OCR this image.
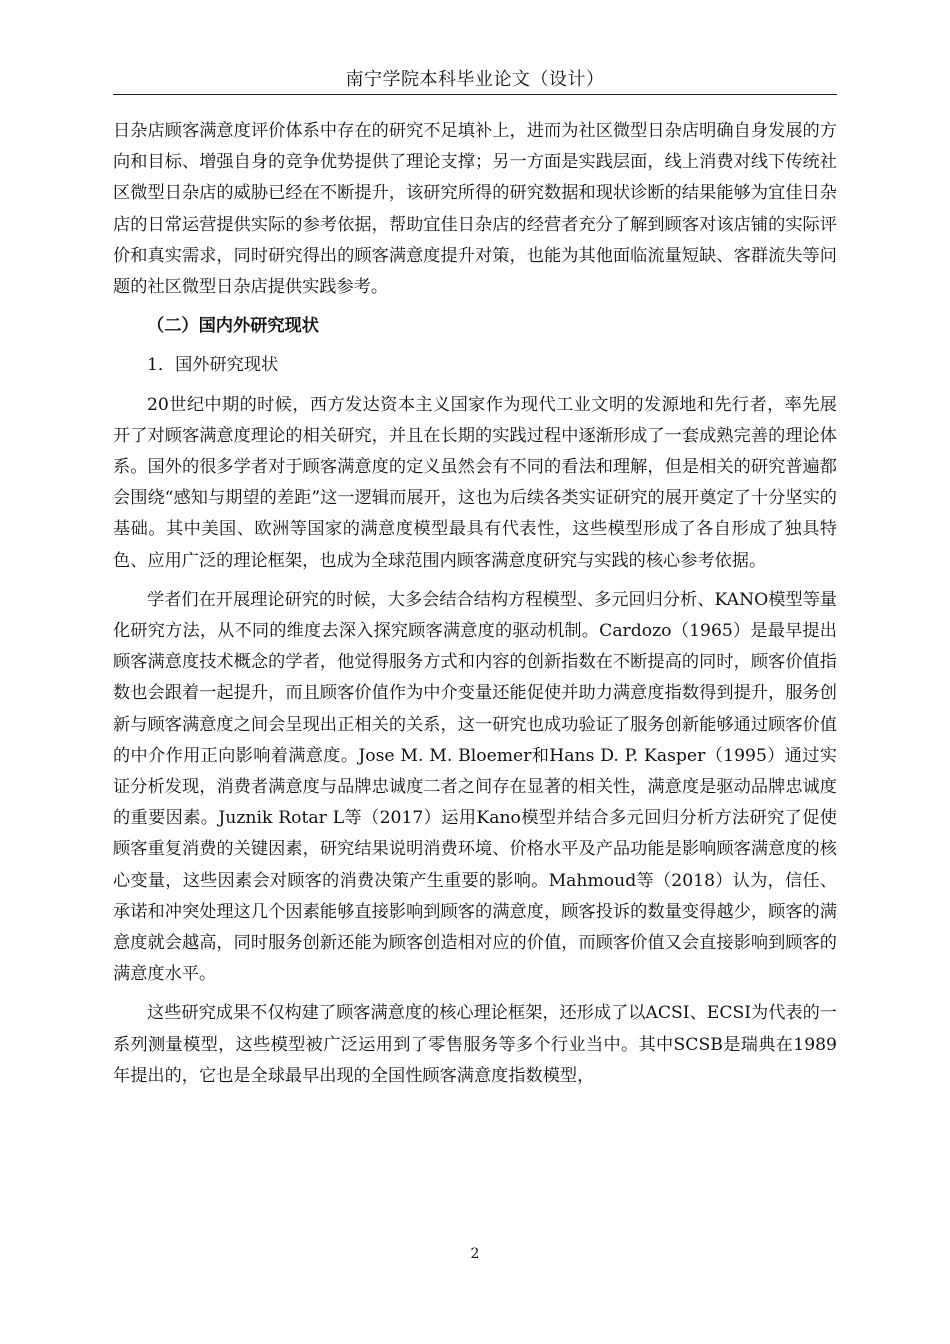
南宁学院本科毕业论文（设计）

日杂店顾客满意度评价体系中存在的研究不足填补上，进而为社区微型日杂店明确自身发展的方向和目标、增强自身的竞争优势提供了理论支撑；另一方面是实践层面，线上消费对线下传统社区微型日杂店的威胁已经在不断提升，该研究所得的研究数据和现状诊断的结果能够为宜佳日杂店的日常运营提供实际的参考依据，帮助宜佳日杂店的经营者充分了解到顾客对该店铺的实际评价和真实需求，同时研究得出的顾客满意度提升对策，也能为其他面临流量短缺、客群流失等问题的社区微型日杂店提供实践参考。

（二）国内外研究现状

1．国外研究现状

20世纪中期的时候，西方发达资本主义国家作为现代工业文明的发源地和先行者，率先展开了对顾客满意度理论的相关研究，并且在长期的实践过程中逐渐形成了一套成熟完善的理论体系。国外的很多学者对于顾客满意度的定义虽然会有不同的看法和理解，但是相关的研究普遍都会围绕“感知与期望的差距”这一逻辑而展开，这也为后续各类实证研究的展开奠定了十分坚实的基础。其中美国、欧洲等国家的满意度模型最具有代表性，这些模型形成了各自形成了独具特色、应用广泛的理论框架，也成为全球范围内顾客满意度研究与实践的核心参考依据。

学者们在开展理论研究的时候，大多会结合结构方程模型、多元回归分析、KANO模型等量化研究方法，从不同的维度去深入探究顾客满意度的驱动机制。Cardozo（1965）是最早提出顾客满意度技术概念的学者，他觉得服务方式和内容的创新指数在不断提高的同时，顾客价值指数也会跟着一起提升，而且顾客价值作为中介变量还能促使并助力满意度指数得到提升，服务创新与顾客满意度之间会呈现出正相关的关系，这一研究也成功验证了服务创新能够通过顾客价值的中介作用正向影响着满意度。Jose M. M. Bloemer和Hans D. P. Kasper（1995）通过实证分析发现，消费者满意度与品牌忠诚度二者之间存在显著的相关性，满意度是驱动品牌忠诚度的重要因素。Juznik Rotar L等（2017）运用Kano模型并结合多元回归分析方法研究了促使顾客重复消费的关键因素，研究结果说明消费环境、价格水平及产品功能是影响顾客满意度的核心变量，这些因素会对顾客的消费决策产生重要的影响。Mahmoud等（2018）认为，信任、承诺和冲突处理这几个因素能够直接影响到顾客的满意度，顾客投诉的数量变得越少，顾客的满意度就会越高，同时服务创新还能为顾客创造相对应的价值，而顾客价值又会直接影响到顾客的满意度水平。

这些研究成果不仅构建了顾客满意度的核心理论框架，还形成了以ACSI、ECSI为代表的一系列测量模型，这些模型被广泛运用到了零售服务等多个行业当中。其中SCSB是瑞典在1989年提出的，它也是全球最早出现的全国性顾客满意度指数模型，

2
